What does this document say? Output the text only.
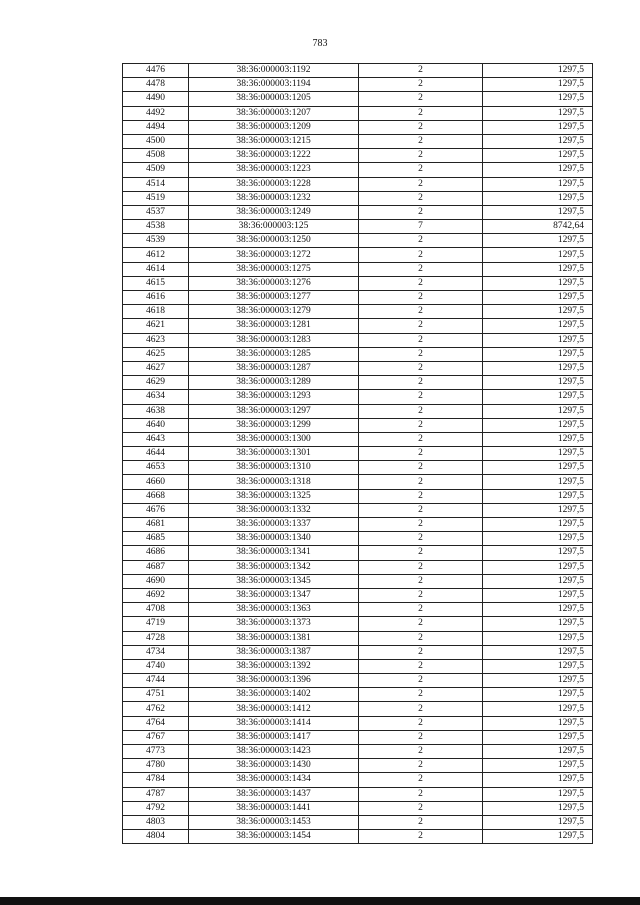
783
4476	38:36:000003:1192	2	1297,5
4478	38:36:000003:1194	2	1297,5
4490	38:36:000003:1205	2	1297,5
4492	38:36:000003:1207	2	1297,5
4494	38:36:000003:1209	2	1297,5
4500	38:36:000003:1215	2	1297,5
4508	38:36:000003:1222	2	1297,5
4509	38:36:000003:1223	2	1297,5
4514	38:36:000003:1228	2	1297,5
4519	38:36:000003:1232	2	1297,5
4537	38:36:000003:1249	2	1297,5
4538	38:36:000003:125	7	8742,64
4539	38:36:000003:1250	2	1297,5
4612	38:36:000003:1272	2	1297,5
4614	38:36:000003:1275	2	1297,5
4615	38:36:000003:1276	2	1297,5
4616	38:36:000003:1277	2	1297,5
4618	38:36:000003:1279	2	1297,5
4621	38:36:000003:1281	2	1297,5
4623	38:36:000003:1283	2	1297,5
4625	38:36:000003:1285	2	1297,5
4627	38:36:000003:1287	2	1297,5
4629	38:36:000003:1289	2	1297,5
4634	38:36:000003:1293	2	1297,5
4638	38:36:000003:1297	2	1297,5
4640	38:36:000003:1299	2	1297,5
4643	38:36:000003:1300	2	1297,5
4644	38:36:000003:1301	2	1297,5
4653	38:36:000003:1310	2	1297,5
4660	38:36:000003:1318	2	1297,5
4668	38:36:000003:1325	2	1297,5
4676	38:36:000003:1332	2	1297,5
4681	38:36:000003:1337	2	1297,5
4685	38:36:000003:1340	2	1297,5
4686	38:36:000003:1341	2	1297,5
4687	38:36:000003:1342	2	1297,5
4690	38:36:000003:1345	2	1297,5
4692	38:36:000003:1347	2	1297,5
4708	38:36:000003:1363	2	1297,5
4719	38:36:000003:1373	2	1297,5
4728	38:36:000003:1381	2	1297,5
4734	38:36:000003:1387	2	1297,5
4740	38:36:000003:1392	2	1297,5
4744	38:36:000003:1396	2	1297,5
4751	38:36:000003:1402	2	1297,5
4762	38:36:000003:1412	2	1297,5
4764	38:36:000003:1414	2	1297,5
4767	38:36:000003:1417	2	1297,5
4773	38:36:000003:1423	2	1297,5
4780	38:36:000003:1430	2	1297,5
4784	38:36:000003:1434	2	1297,5
4787	38:36:000003:1437	2	1297,5
4792	38:36:000003:1441	2	1297,5
4803	38:36:000003:1453	2	1297,5
4804	38:36:000003:1454	2	1297,5
